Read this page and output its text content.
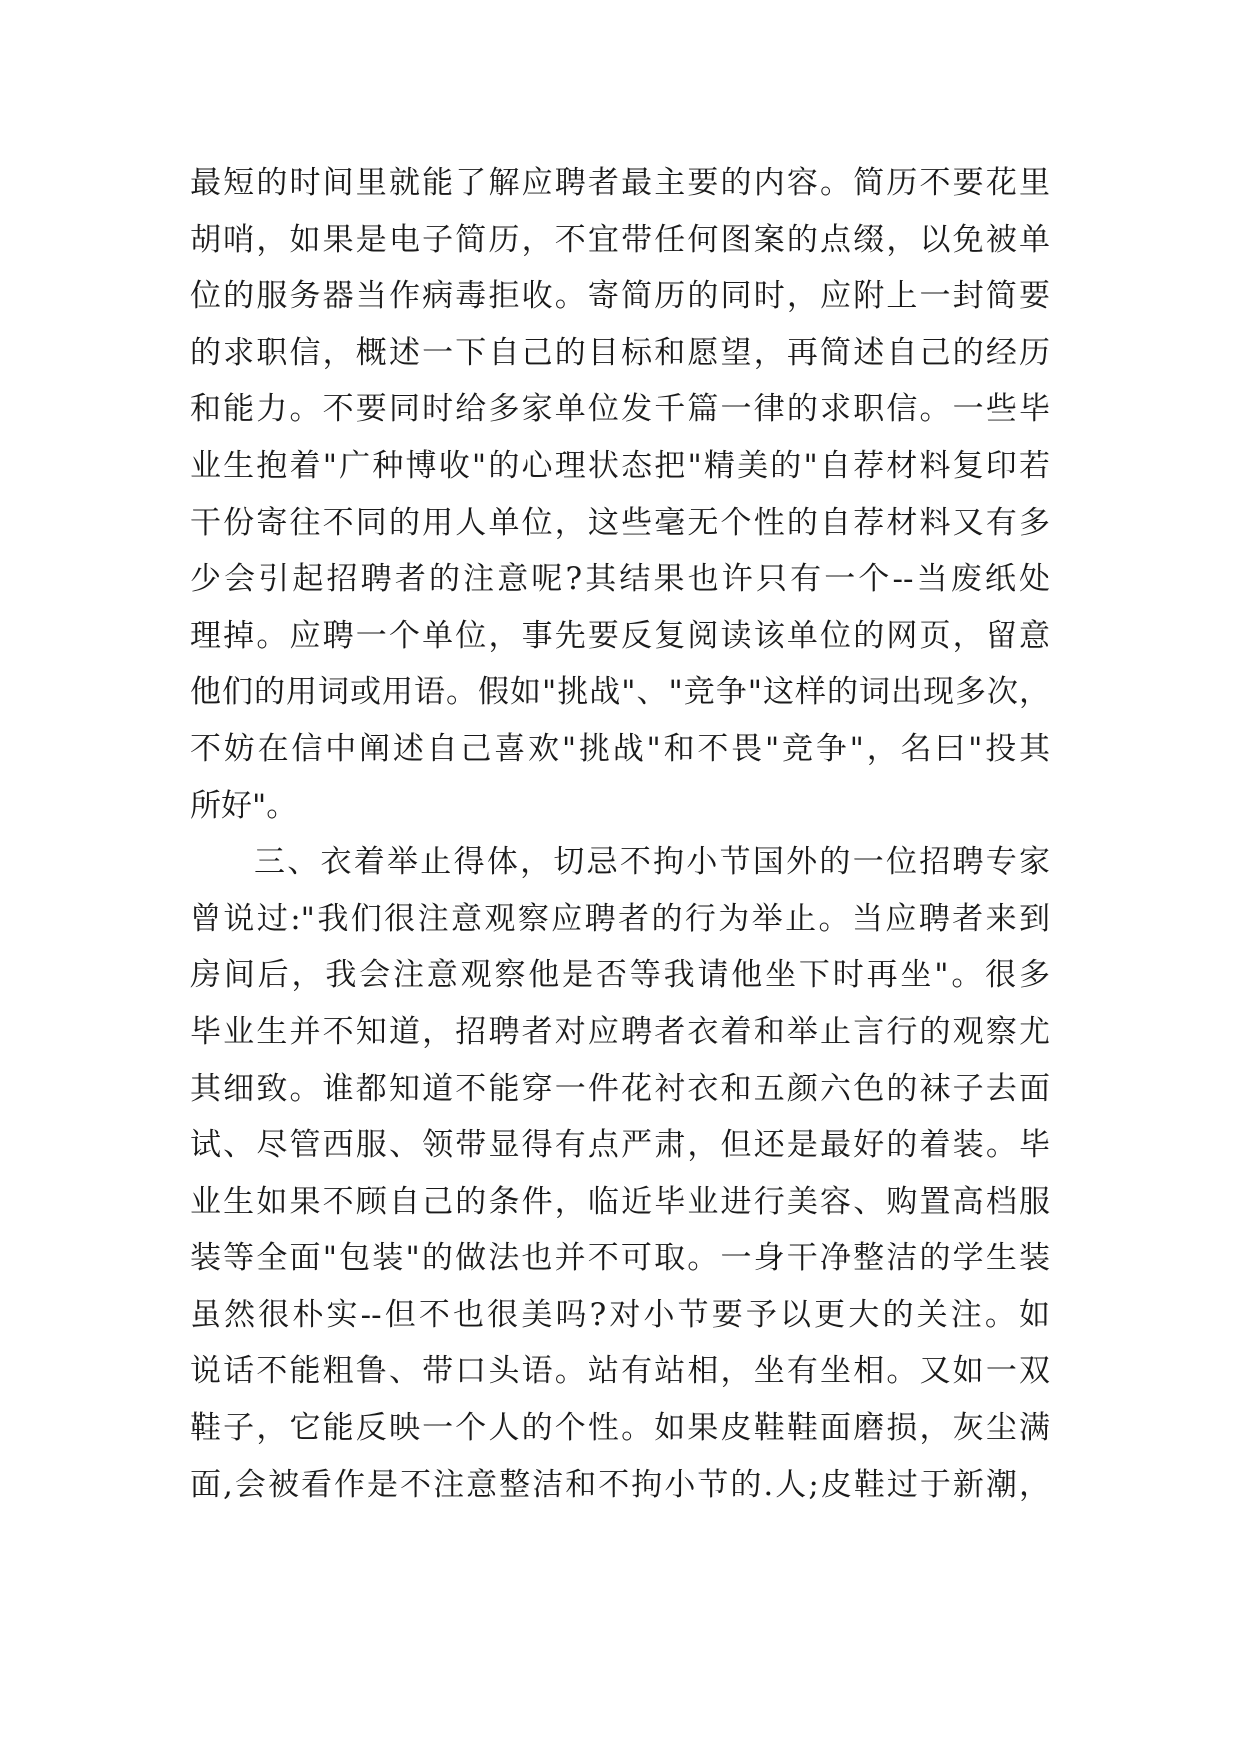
最短的时间里就能了解应聘者最主要的内容。简历不要花里
胡哨，如果是电子简历，不宜带任何图案的点缀，以免被单
位的服务器当作病毒拒收。寄简历的同时，应附上一封简要
的求职信，概述一下自己的目标和愿望，再简述自己的经历
和能力。不要同时给多家单位发千篇一律的求职信。一些毕
业生抱着"广种博收"的心理状态把"精美的"自荐材料复印若
干份寄往不同的用人单位，这些毫无个性的自荐材料又有多
少会引起招聘者的注意呢?其结果也许只有一个--当废纸处
理掉。应聘一个单位，事先要反复阅读该单位的网页，留意
他们的用词或用语。假如"挑战"、"竞争"这样的词出现多次，
不妨在信中阐述自己喜欢"挑战"和不畏"竞争"，名曰"投其
所好"。
三、衣着举止得体，切忌不拘小节国外的一位招聘专家
曾说过:"我们很注意观察应聘者的行为举止。当应聘者来到
房间后，我会注意观察他是否等我请他坐下时再坐"。很多
毕业生并不知道，招聘者对应聘者衣着和举止言行的观察尤
其细致。谁都知道不能穿一件花衬衣和五颜六色的袜子去面
试、尽管西服、领带显得有点严肃，但还是最好的着装。毕
业生如果不顾自己的条件，临近毕业进行美容、购置高档服
装等全面"包装"的做法也并不可取。一身干净整洁的学生装
虽然很朴实--但不也很美吗?对小节要予以更大的关注。如
说话不能粗鲁、带口头语。站有站相，坐有坐相。又如一双
鞋子，它能反映一个人的个性。如果皮鞋鞋面磨损，灰尘满
面,会被看作是不注意整洁和不拘小节的.人;皮鞋过于新潮，
